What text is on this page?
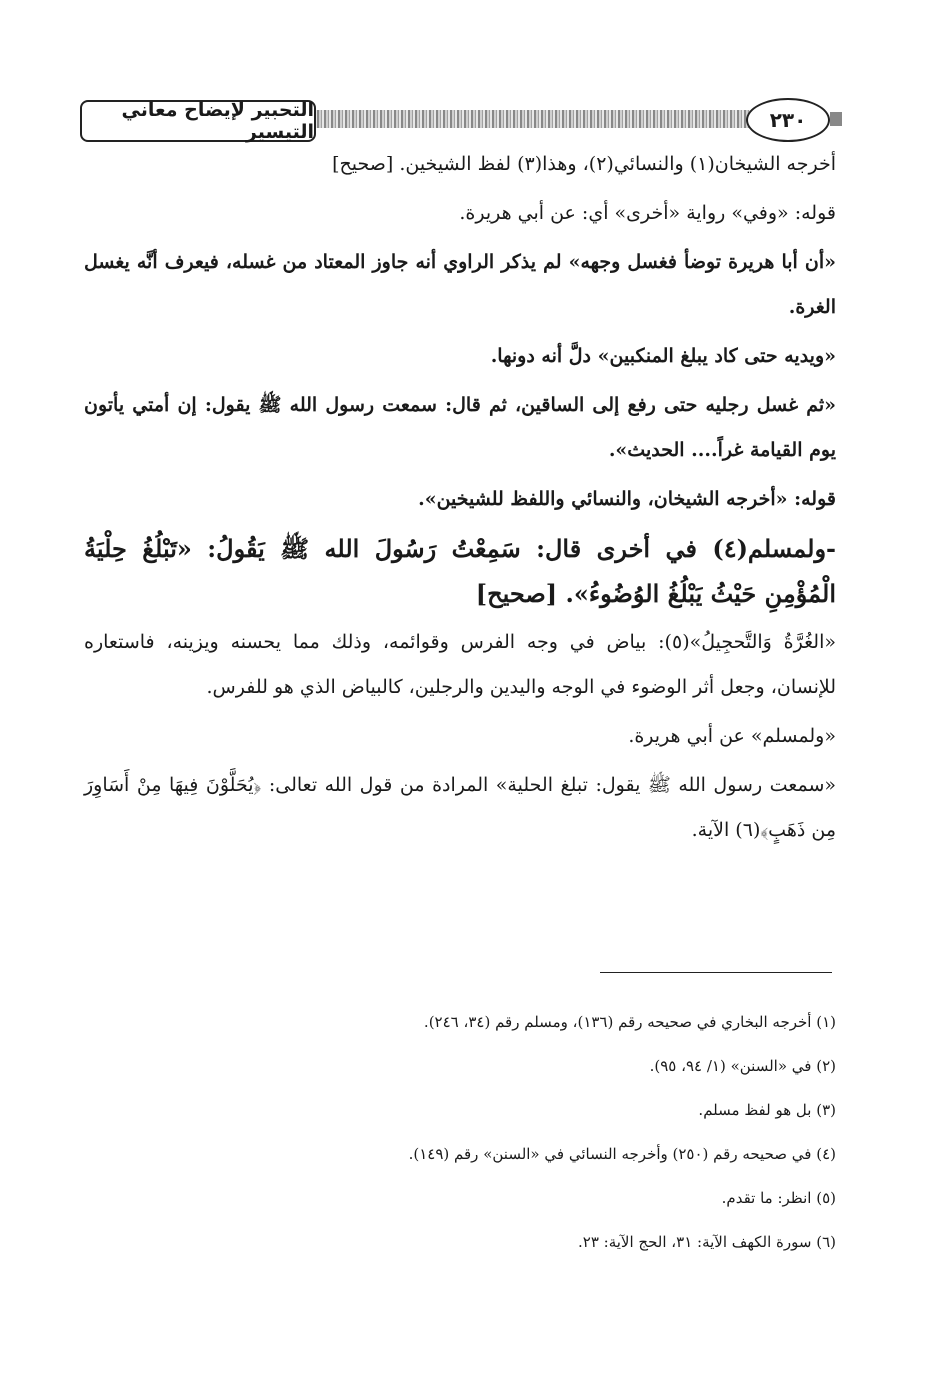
التحبير لإيضاح معاني التيسير	٢٣٠

أخرجه الشيخان(١) والنسائي(٢)، وهذا(٣) لفظ الشيخين. [صحيح]

قوله: «وفي» رواية «أخرى» أي: عن أبي هريرة.

«أن أبا هريرة توضأ فغسل وجهه» لم يذكر الراوي أنه جاوز المعتاد من غسله، فيعرف أنَّه يغسل الغرة.

«ويديه حتى كاد يبلغ المنكبين» دلَّ أنه دونها.

«ثم غسل رجليه حتى رفع إلى الساقين، ثم قال: سمعت رسول الله ﷺ يقول: إن أمتي يأتون يوم القيامة غراً.... الحديث».

قوله: «أخرجه الشيخان، والنسائي واللفظ للشيخين».

-ولمسلم(٤) في أخرى قال: سَمِعْتُ رَسُولَ الله ﷺ يَقُولُ: «تَبْلُغُ حِلْيَةُ الْمُؤْمِنِ حَيْثُ يَبْلُغُ الوُضُوءُ». [صحيح]

«الغُرَّةُ وَالتَّحجِيلُ»(٥): بياض في وجه الفرس وقوائمه، وذلك مما يحسنه ويزينه، فاستعاره للإنسان، وجعل أثر الوضوء في الوجه واليدين والرجلين، كالبياض الذي هو للفرس.

«ولمسلم» عن أبي هريرة.

«سمعت رسول الله ﷺ يقول: تبلغ الحلية» المرادة من قول الله تعالى: ﴿يُحَلَّوْنَ فِيهَا مِنْ أَسَاوِرَ مِن ذَهَبٍ﴾(٦) الآية.

(١) أخرجه البخاري في صحيحه رقم (١٣٦)، ومسلم رقم (٣٤، ٢٤٦).

(٢) في «السنن» (١/ ٩٤، ٩٥).

(٣) بل هو لفظ مسلم.

(٤) في صحيحه رقم (٢٥٠) وأخرجه النسائي في «السنن» رقم (١٤٩).

(٥) انظر: ما تقدم.

(٦) سورة الكهف الآية: ٣١، الحج الآية: ٢٣.
